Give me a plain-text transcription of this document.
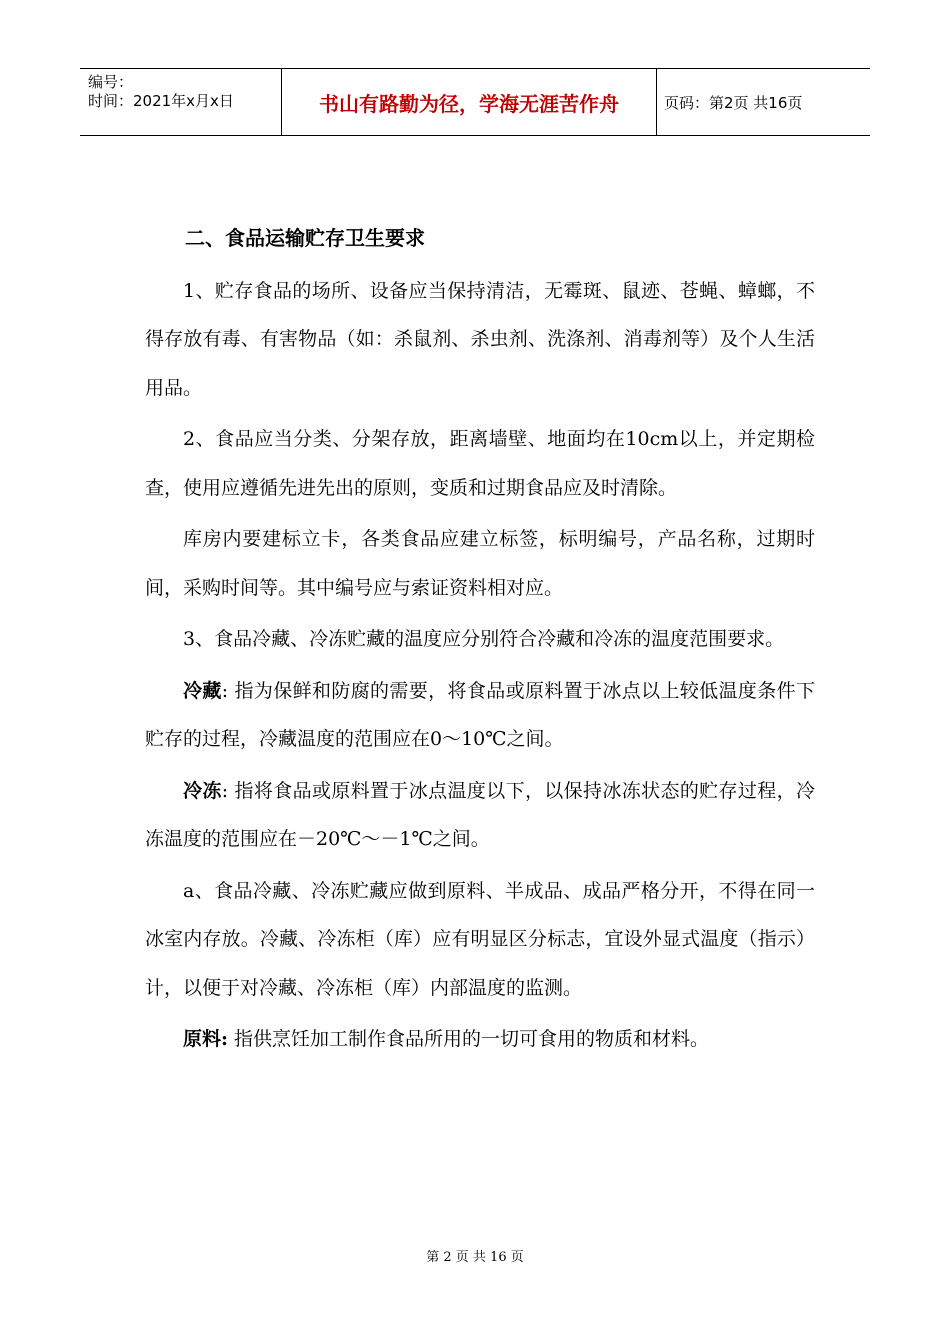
编号：
时间：2021年x月x日	书山有路勤为径，学海无涯苦作舟	页码：第2页 共16页

二、食品运输贮存卫生要求

1、贮存食品的场所、设备应当保持清洁，无霉斑、鼠迹、苍蝇、蟑螂，不得存放有毒、有害物品（如：杀鼠剂、杀虫剂、洗涤剂、消毒剂等）及个人生活用品。

2、食品应当分类、分架存放，距离墙壁、地面均在10cm以上，并定期检查，使用应遵循先进先出的原则，变质和过期食品应及时清除。

库房内要建标立卡，各类食品应建立标签，标明编号，产品名称，过期时间，采购时间等。其中编号应与索证资料相对应。

3、食品冷藏、冷冻贮藏的温度应分别符合冷藏和冷冻的温度范围要求。

冷藏: 指为保鲜和防腐的需要，将食品或原料置于冰点以上较低温度条件下贮存的过程，冷藏温度的范围应在0～10℃之间。

冷冻: 指将食品或原料置于冰点温度以下，以保持冰冻状态的贮存过程，冷冻温度的范围应在－20℃～－1℃之间。

a、食品冷藏、冷冻贮藏应做到原料、半成品、成品严格分开，不得在同一冰室内存放。冷藏、冷冻柜（库）应有明显区分标志，宜设外显式温度（指示）计，以便于对冷藏、冷冻柜（库）内部温度的监测。

原料: 指供烹饪加工制作食品所用的一切可食用的物质和材料。

第 2 页 共 16 页
